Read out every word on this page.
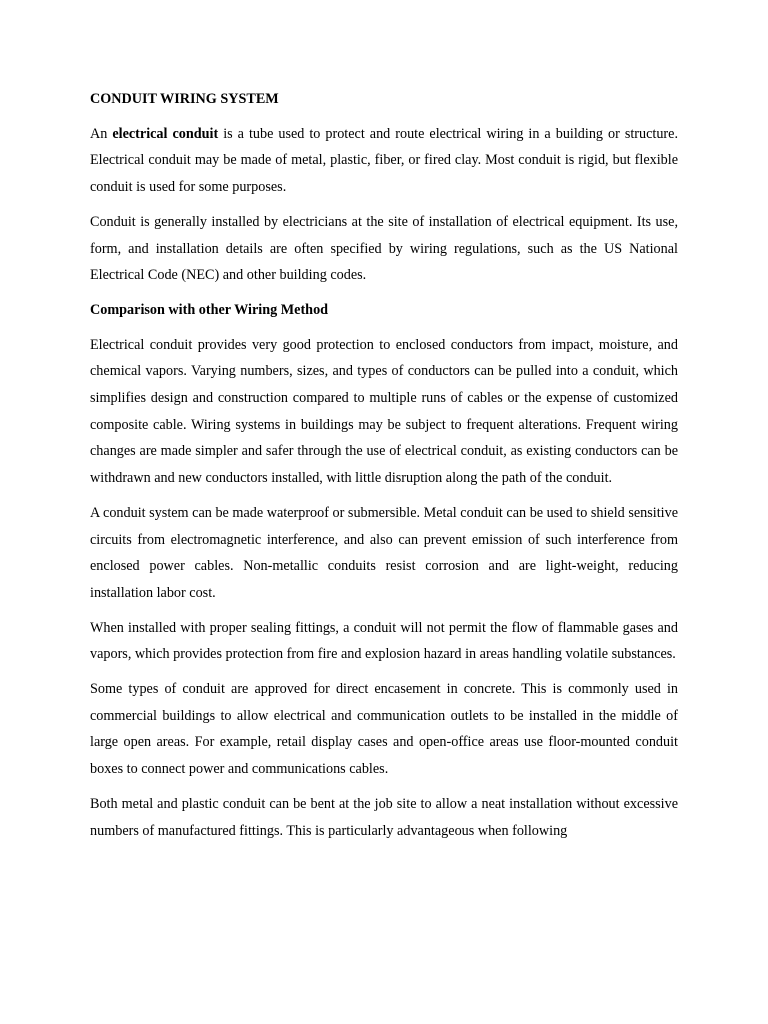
CONDUIT WIRING SYSTEM

An electrical conduit is a tube used to protect and route electrical wiring in a building or structure. Electrical conduit may be made of metal, plastic, fiber, or fired clay. Most conduit is rigid, but flexible conduit is used for some purposes.

Conduit is generally installed by electricians at the site of installation of electrical equipment. Its use, form, and installation details are often specified by wiring regulations, such as the US National Electrical Code (NEC) and other building codes.

Comparison with other Wiring Method

Electrical conduit provides very good protection to enclosed conductors from impact, moisture, and chemical vapors. Varying numbers, sizes, and types of conductors can be pulled into a conduit, which simplifies design and construction compared to multiple runs of cables or the expense of customized composite cable. Wiring systems in buildings may be subject to frequent alterations. Frequent wiring changes are made simpler and safer through the use of electrical conduit, as existing conductors can be withdrawn and new conductors installed, with little disruption along the path of the conduit.

A conduit system can be made waterproof or submersible. Metal conduit can be used to shield sensitive circuits from electromagnetic interference, and also can prevent emission of such interference from enclosed power cables. Non-metallic conduits resist corrosion and are light-weight, reducing installation labor cost.

When installed with proper sealing fittings, a conduit will not permit the flow of flammable gases and vapors, which provides protection from fire and explosion hazard in areas handling volatile substances.

Some types of conduit are approved for direct encasement in concrete. This is commonly used in commercial buildings to allow electrical and communication outlets to be installed in the middle of large open areas. For example, retail display cases and open-office areas use floor-mounted conduit boxes to connect power and communications cables.

Both metal and plastic conduit can be bent at the job site to allow a neat installation without excessive numbers of manufactured fittings. This is particularly advantageous when following
